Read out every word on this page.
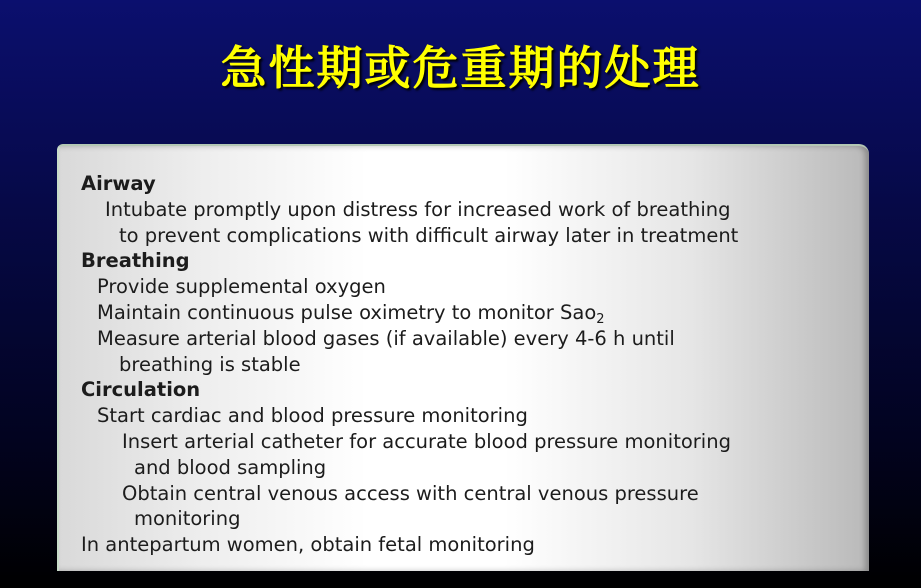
急性期或危重期的处理
Airway
Intubate promptly upon distress for increased work of breathing
to prevent complications with difficult airway later in treatment
Breathing
Provide supplemental oxygen
Maintain continuous pulse oximetry to monitor Sao$_2$
Measure arterial blood gases (if available) every 4-6 h until
breathing is stable
Circulation
Start cardiac and blood pressure monitoring
Insert arterial catheter for accurate blood pressure monitoring
and blood sampling
Obtain central venous access with central venous pressure
monitoring
In antepartum women, obtain fetal monitoring
